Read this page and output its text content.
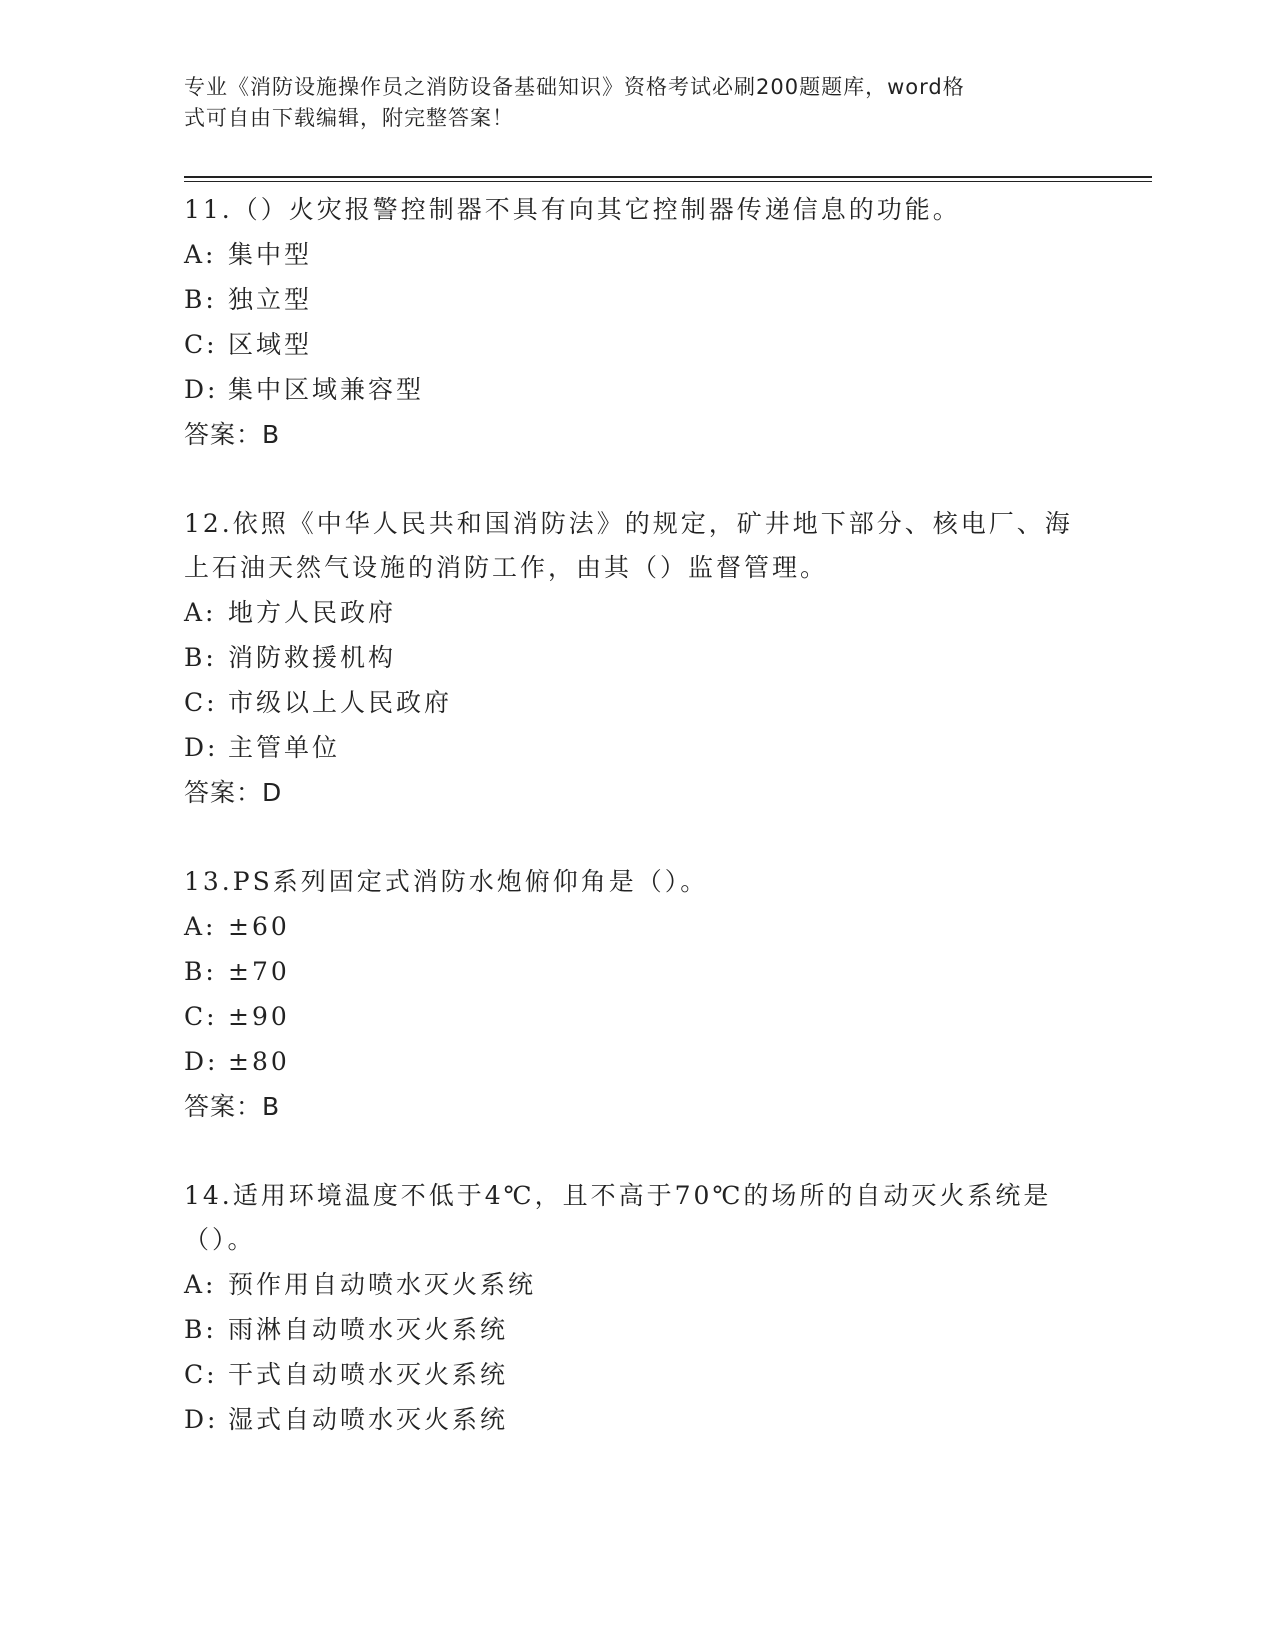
专业《消防设施操作员之消防设备基础知识》资格考试必刷200题题库，word格
式可自由下载编辑，附完整答案！

11.（）火灾报警控制器不具有向其它控制器传递信息的功能。

A: 集中型

B: 独立型

C: 区域型

D: 集中区域兼容型

答案：B

12.依照《中华人民共和国消防法》的规定，矿井地下部分、核电厂、海上石油天然气设施的消防工作，由其（）监督管理。

A: 地方人民政府

B: 消防救援机构

C: 市级以上人民政府

D: 主管单位

答案：D

13.PS系列固定式消防水炮俯仰角是（）。

A: ±60

B: ±70

C: ±90

D: ±80

答案：B

14.适用环境温度不低于4℃，且不高于70℃的场所的自动灭火系统是（）。

A: 预作用自动喷水灭火系统

B: 雨淋自动喷水灭火系统

C: 干式自动喷水灭火系统

D: 湿式自动喷水灭火系统
